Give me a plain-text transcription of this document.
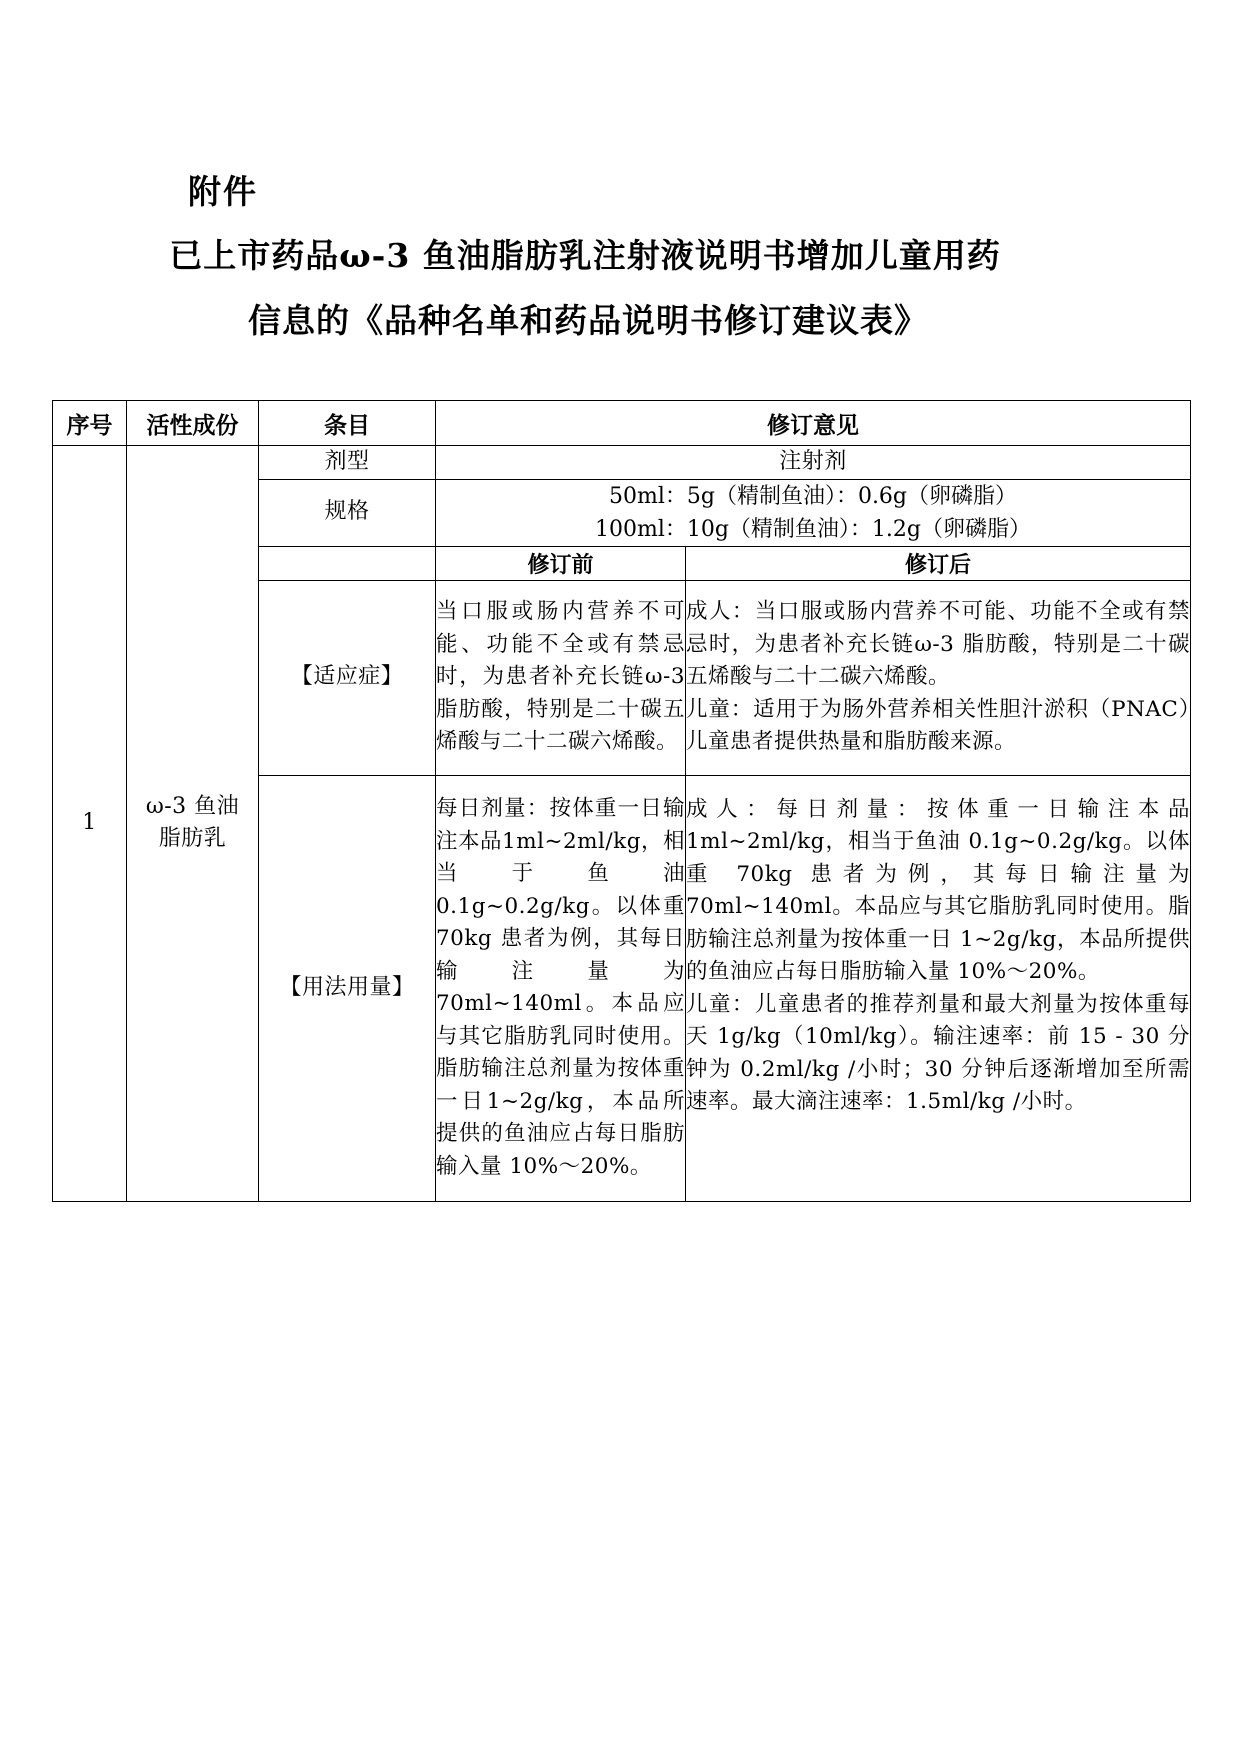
附件
已上市药品ω-3 鱼油脂肪乳注射液说明书增加儿童用药
信息的《品种名单和药品说明书修订建议表》
序号	活性成份	条目	修订意见	
1	ω-3 鱼油脂肪乳	剂型	注射剂	
		规格	50ml：5g（精制鱼油）：0.6g（卵磷脂）
100ml：10g（精制鱼油）：1.2g（卵磷脂）	

			修订前	修订后
		【适应症】	当口服或肠内营养不可能、功能不全或有禁忌时，为患者补充长链ω-3 脂肪酸，特别是二十碳五烯酸与二十二碳六烯酸。	成人：当口服或肠内营养不可能、功能不全或有禁忌时，为患者补充长链ω-3 脂肪酸，特别是二十碳五烯酸与二十二碳六烯酸。
儿童：适用于为肠外营养相关性胆汁淤积（PNAC）儿童患者提供热量和脂肪酸来源。

		【用法用量】	每日剂量：按体重一日输注本品1ml~2ml/kg，相当于鱼油 0.1g~0.2g/kg。以体重 70kg 患者为例，其每日输注量为70ml~140ml。本品应与其它脂肪乳同时使用。脂肪输注总剂量为按体重一日1~2g/kg，本品所提供的鱼油应占每日脂肪输入量 10%～20%。	成人：每日剂量：按体重一日输注本品1ml~2ml/kg，相当于鱼油 0.1g~0.2g/kg。以体重 70kg 患者为例，其每日输注量为70ml~140ml。本品应与其它脂肪乳同时使用。脂肪输注总剂量为按体重一日 1~2g/kg，本品所提供的鱼油应占每日脂肪输入量 10%～20%。
儿童：儿童患者的推荐剂量和最大剂量为按体重每天 1g/kg（10ml/kg）。输注速率：前 15 - 30 分钟为 0.2ml/kg /小时；30 分钟后逐渐增加至所需速率。最大滴注速率：1.5ml/kg /小时。
